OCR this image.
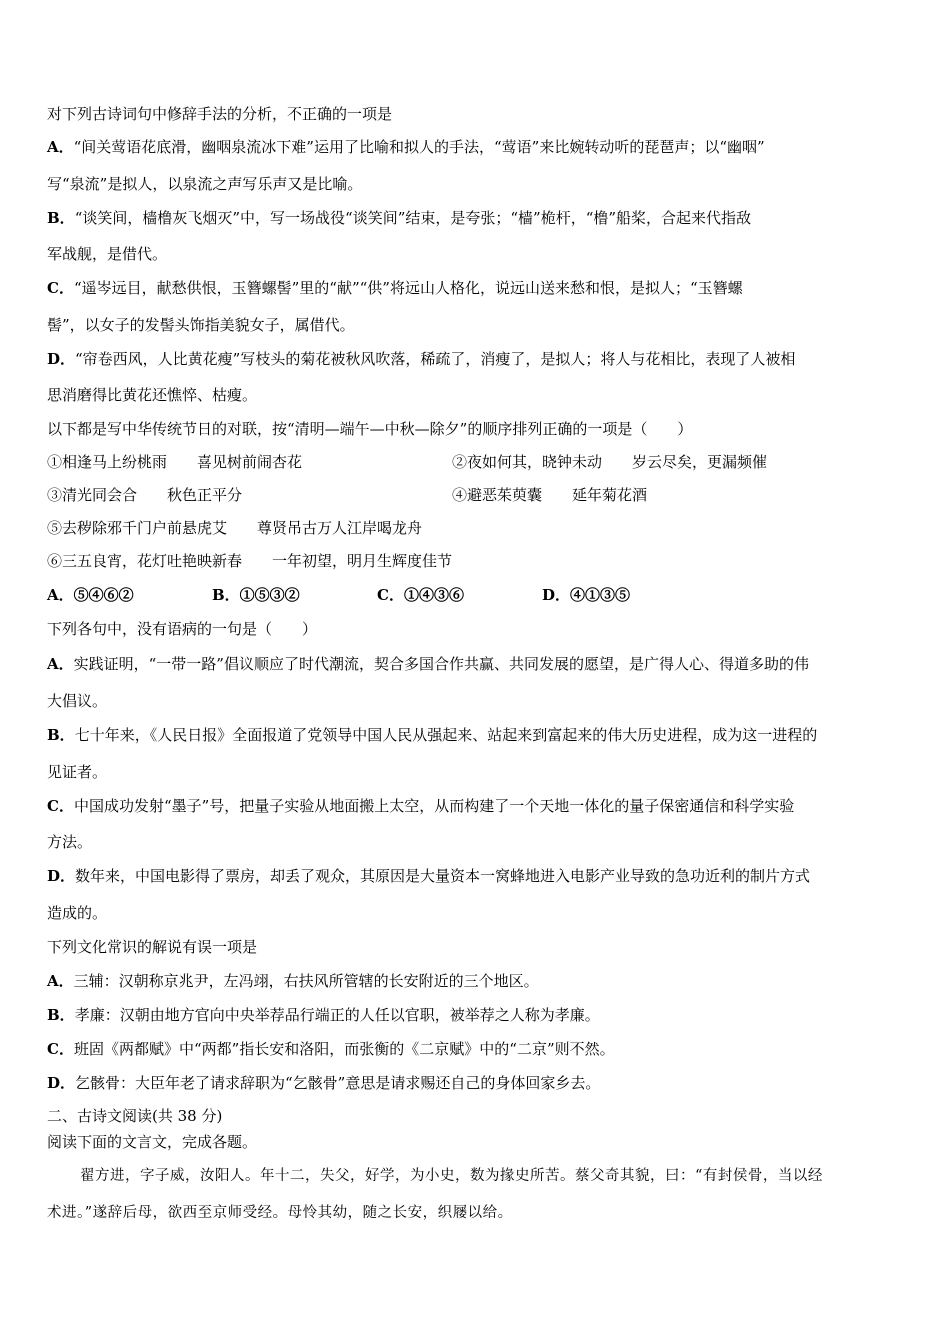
对下列古诗词句中修辞手法的分析，不正确的一项是
A．“间关莺语花底滑，幽咽泉流冰下难”运用了比喻和拟人的手法，“莺语”来比婉转动听的琵琶声；以“幽咽”
写“泉流”是拟人，以泉流之声写乐声又是比喻。
B．“谈笑间，樯橹灰飞烟灭”中，写一场战役“谈笑间”结束，是夸张；“樯”桅杆，“橹”船桨，合起来代指敌
军战舰，是借代。
C．“遥岑远目，献愁供恨，玉簪螺髻”里的“献”“供”将远山人格化，说远山送来愁和恨，是拟人；“玉簪螺
髻”，以女子的发髻头饰指美貌女子，属借代。
D．“帘卷西风，人比黄花瘦”写枝头的菊花被秋风吹落，稀疏了，消瘦了，是拟人；将人与花相比，表现了人被相
思消磨得比黄花还憔悴、枯瘦。
以下都是写中华传统节日的对联，按“清明—端午—中秋—除夕”的顺序排列正确的一项是（　　）
①相逢马上纷桃雨　　喜见树前闹杏花	②夜如何其，晓钟未动　　岁云尽矣，更漏频催
③清光同会合　　秋色正平分	④避恶茱萸囊　　延年菊花酒
⑤去秽除邪千门户前悬虎艾　　尊贤吊古万人江岸喝龙舟
⑥三五良宵，花灯吐艳映新春　　一年初望，明月生辉度佳节
A．⑤④⑥②	B．①⑤③②	C．①④③⑥	D．④①③⑤
下列各句中，没有语病的一句是（　　）
A．实践证明，“一带一路”倡议顺应了时代潮流，契合多国合作共赢、共同发展的愿望，是广得人心、得道多助的伟
大倡议。
B．七十年来，《人民日报》全面报道了党领导中国人民从强起来、站起来到富起来的伟大历史进程，成为这一进程的
见证者。
C．中国成功发射“墨子”号，把量子实验从地面搬上太空，从而构建了一个天地一体化的量子保密通信和科学实验
方法。
D．数年来，中国电影得了票房，却丢了观众，其原因是大量资本一窝蜂地进入电影产业导致的急功近利的制片方式
造成的。
下列文化常识的解说有误一项是
A．三辅：汉朝称京兆尹，左冯翊，右扶风所管辖的长安附近的三个地区。
B．孝廉：汉朝由地方官向中央举荐品行端正的人任以官职，被举荐之人称为孝廉。
C．班固《两都赋》中“两都”指长安和洛阳，而张衡的《二京赋》中的“二京”则不然。
D．乞骸骨：大臣年老了请求辞职为“乞骸骨”意思是请求赐还自己的身体回家乡去。
二、古诗文阅读(共 38 分)
阅读下面的文言文，完成各题。
翟方进，字子威，汝阳人。年十二，失父，好学，为小史，数为掾史所苦。蔡父奇其貌，曰：“有封侯骨，当以经
术进。”遂辞后母，欲西至京师受经。母怜其幼，随之长安，织屦以给。
